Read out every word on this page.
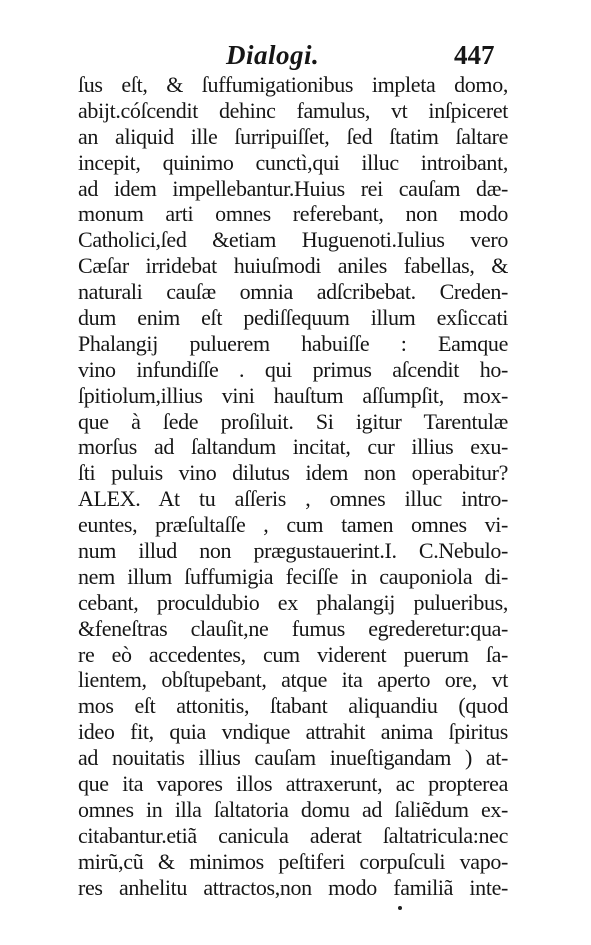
Dialogi.	447
ſus eſt, & ſuffumigationibus impleta domo,
abijt.cóſcendit dehinc famulus, vt inſpiceret
an aliquid ille ſurripuiſſet, ſed ſtatim ſaltare
incepit, quinimo cunctì,qui illuc introibant,
ad idem impellebantur.Huius rei cauſam dæ-
monum arti omnes referebant, non modo
Catholici,ſed &etiam Huguenoti.Iulius vero
Cæſar irridebat huiuſmodi aniles fabellas, &
naturali cauſæ omnia adſcribebat. Creden-
dum enim eſt pediſſequum illum exſiccati
Phalangij puluerem habuiſſe : Eamque
vino infundiſſe . qui primus aſcendit ho-
ſpitiolum,illius vini hauſtum aſſumpſit, mox-
que à ſede proſiluit. Si igitur Tarentulæ
morſus ad ſaltandum incitat, cur illius exu-
ſti puluis vino dilutus idem non operabitur?
ALEX. At tu aſſeris , omnes illuc intro-
euntes, præſultaſſe , cum tamen omnes vi-
num illud non prægustauerint.I. C.Nebulo-
nem illum ſuffumigia feciſſe in cauponiola di-
cebant, proculdubio ex phalangij pulueribus,
&feneſtras clauſit,ne fumus egrederetur:qua-
re eò accedentes, cum viderent puerum ſa-
lientem, obſtupebant, atque ita aperto ore, vt
mos eſt attonitis, ſtabant aliquandiu (quod
ideo fit, quia vndique attrahit anima ſpiritus
ad nouitatis illius cauſam inueſtigandam ) at-
que ita vapores illos attraxerunt, ac propterea
omnes in illa ſaltatoria domu ad ſaliẽdum ex-
citabantur.etiã canicula aderat ſaltatricula:nec
mirũ,cũ & minimos peſtiferi corpuſculi vapo-
res anhelitu attractos,non modo familiã inte-
